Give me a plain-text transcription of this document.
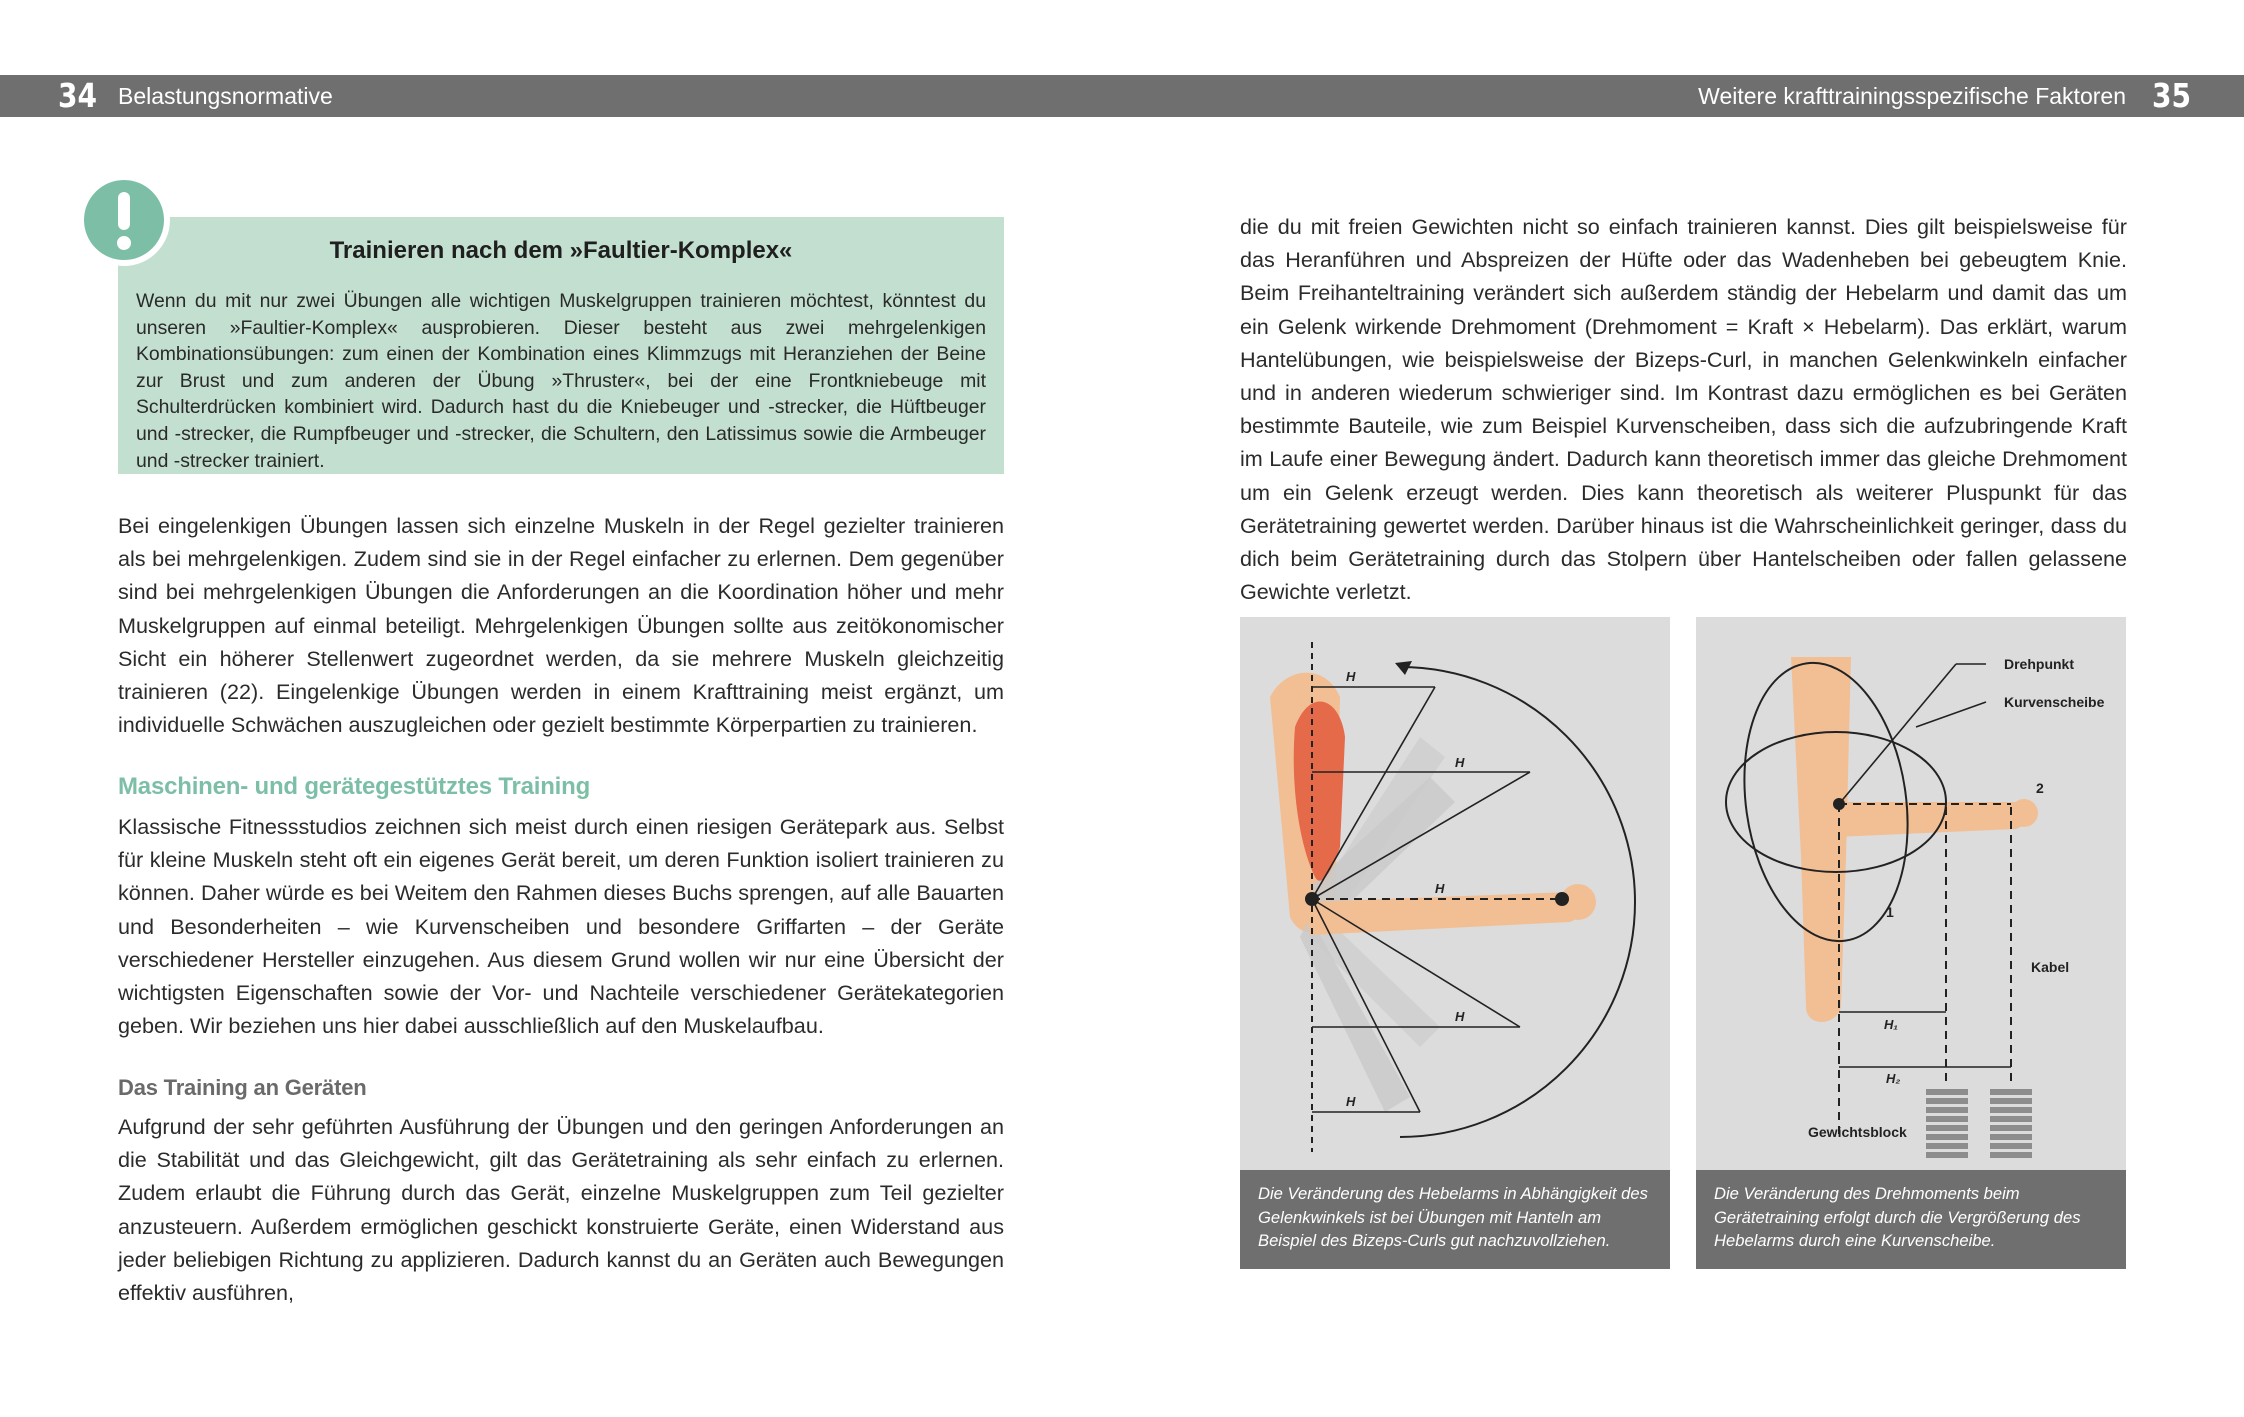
34 Belastungsnormative	Weitere krafttrainingsspezifische Faktoren 35
Trainieren nach dem »Faultier-Komplex«
Wenn du mit nur zwei Übungen alle wichtigen Muskelgruppen trainieren möchtest, könntest du unseren »Faultier-Komplex« ausprobieren. Dieser besteht aus zwei mehrgelenkigen Kombinationsübungen: zum einen der Kombination eines Klimmzugs mit Heranziehen der Beine zur Brust und zum anderen der Übung »Thruster«, bei der eine Frontkniebeuge mit Schulterdrücken kombiniert wird. Dadurch hast du die Kniebeuger und -strecker, die Hüftbeuger und -strecker, die Rumpfbeuger und -strecker, die Schultern, den Latissimus sowie die Armbeuger und -strecker trainiert.

Bei eingelenkigen Übungen lassen sich einzelne Muskeln in der Regel gezielter trainieren als bei mehrgelenkigen. Zudem sind sie in der Regel einfacher zu erlernen. Dem gegenüber sind bei mehrgelenkigen Übungen die Anforderungen an die Koordination höher und mehr Muskelgruppen auf einmal beteiligt. Mehrgelenkigen Übungen sollte aus zeitökonomischer Sicht ein höherer Stellenwert zugeordnet werden, da sie mehrere Muskeln gleichzeitig trainieren (22). Eingelenkige Übungen werden in einem Krafttraining meist ergänzt, um individuelle Schwächen auszugleichen oder gezielt bestimmte Körperpartien zu trainieren.

Maschinen- und gerätegestütztes Training

Klassische Fitnessstudios zeichnen sich meist durch einen riesigen Gerätepark aus. Selbst für kleine Muskeln steht oft ein eigenes Gerät bereit, um deren Funktion isoliert trainieren zu können. Daher würde es bei Weitem den Rahmen dieses Buchs sprengen, auf alle Bauarten und Besonderheiten – wie Kurvenscheiben und besondere Griffarten – der Geräte verschiedener Hersteller einzugehen. Aus diesem Grund wollen wir nur eine Übersicht der wichtigsten Eigenschaften sowie der Vor- und Nachteile verschiedener Gerätekategorien geben. Wir beziehen uns hier dabei ausschließlich auf den Muskelaufbau.

Das Training an Geräten

Aufgrund der sehr geführten Ausführung der Übungen und den geringen Anforderungen an die Stabilität und das Gleichgewicht, gilt das Gerätetraining als sehr einfach zu erlernen. Zudem erlaubt die Führung durch das Gerät, einzelne Muskelgruppen zum Teil gezielter anzusteuern. Außerdem ermöglichen geschickt konstruierte Geräte, einen Widerstand aus jeder beliebigen Richtung zu applizieren. Dadurch kannst du an Geräten auch Bewegungen effektiv ausführen,

die du mit freien Gewichten nicht so einfach trainieren kannst. Dies gilt beispielsweise für das Heranführen und Abspreizen der Hüfte oder das Wadenheben bei gebeugtem Knie. Beim Freihanteltraining verändert sich außerdem ständig der Hebelarm und damit das um ein Gelenk wirkende Drehmoment (Drehmoment = Kraft × Hebelarm). Das erklärt, warum Hantelübungen, wie beispielsweise der Bizeps-Curl, in manchen Gelenkwinkeln einfacher und in anderen wiederum schwieriger sind. Im Kontrast dazu ermöglichen es bei Geräten bestimmte Bauteile, wie zum Beispiel Kurvenscheiben, dass sich die aufzubringende Kraft im Laufe einer Bewegung ändert. Dadurch kann theoretisch immer das gleiche Drehmoment um ein Gelenk erzeugt werden. Dies kann theoretisch als weiterer Pluspunkt für das Gerätetraining gewertet werden. Darüber hinaus ist die Wahrscheinlichkeit geringer, dass du dich beim Gerätetraining durch das Stolpern über Hantelscheiben oder fallen gelassene Gewichte verletzt.

H
H
H
H
H
Die Veränderung des Hebelarms in Abhängigkeit des Gelenkwinkels ist bei Übungen mit Hanteln am Beispiel des Bizeps-Curls gut nachzuvollziehen.
Drehpunkt
Kurvenscheibe
2
1
Kabel
H₁
H₂
Gewichtsblock
Die Veränderung des Drehmoments beim Gerätetraining erfolgt durch die Vergrößerung des Hebelarms durch eine Kurvenscheibe.
